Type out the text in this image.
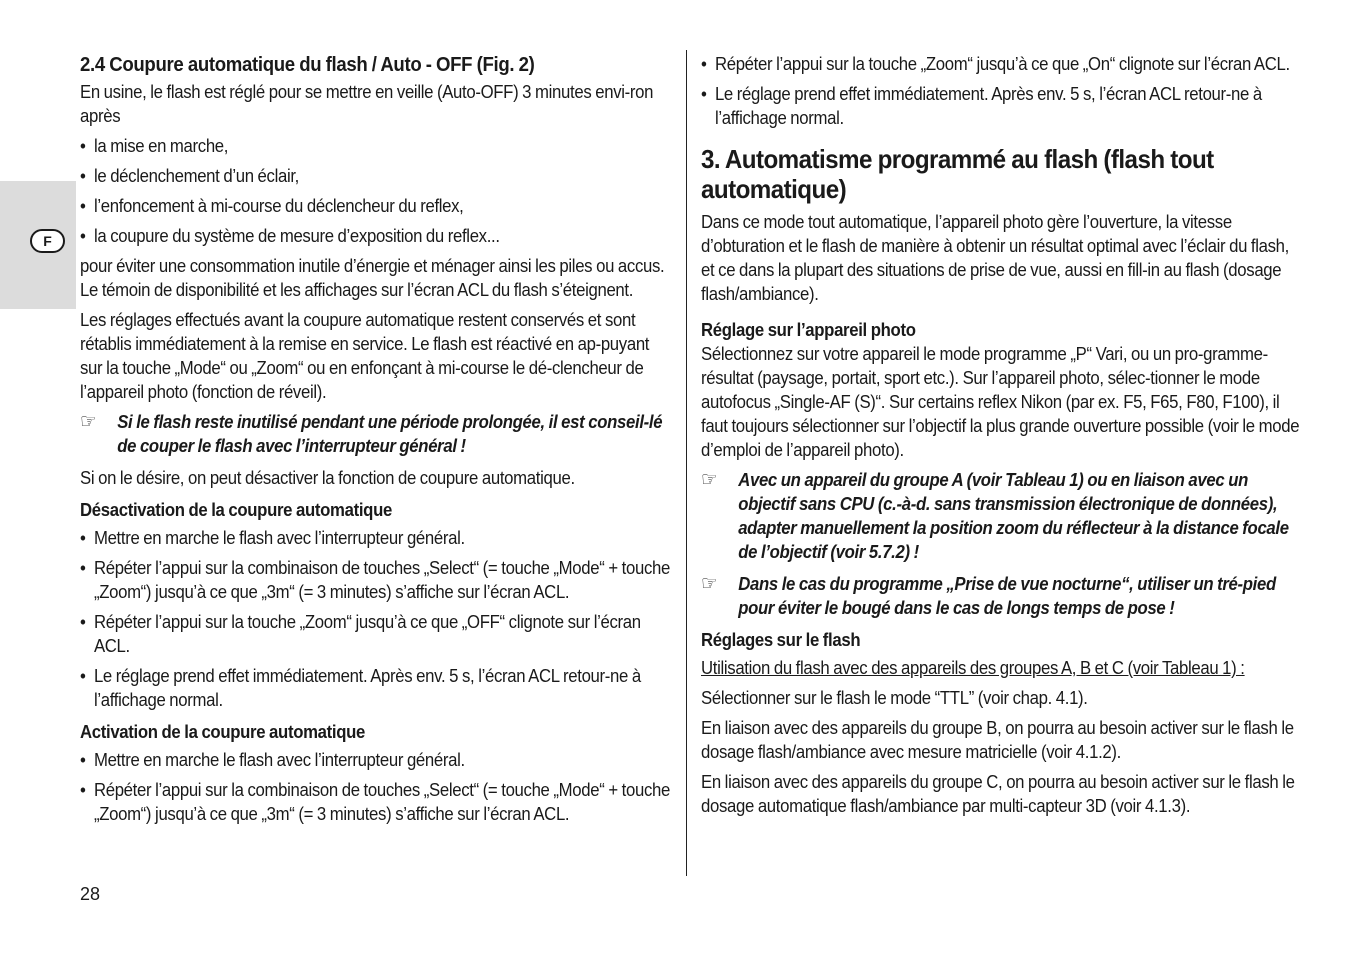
F

2.4 Coupure automatique du flash / Auto - OFF (Fig. 2)

En usine, le flash est réglé pour se mettre en veille (Auto-OFF) 3 minutes envi-ron après

• la mise en marche,

• le déclenchement d’un éclair,

• l’enfoncement à mi-course du déclencheur du reflex,

• la coupure du système de mesure d’exposition du reflex...

pour éviter une consommation inutile d’énergie et ménager ainsi les piles ou accus. Le témoin de disponibilité et les affichages sur l’écran ACL du flash s’éteignent.

Les réglages effectués avant la coupure automatique restent conservés et sont rétablis immédiatement à la remise en service. Le flash est réactivé en ap-puyant sur la touche „Mode“ ou „Zoom“ ou en enfonçant à mi-course le dé-clencheur de l’appareil photo (fonction de réveil).

☞ Si le flash reste inutilisé pendant une période prolongée, il est conseil-lé de couper le flash avec l’interrupteur général !

Si on le désire, on peut désactiver la fonction de coupure automatique.

Désactivation de la coupure automatique

• Mettre en marche le flash avec l’interrupteur général.

• Répéter l’appui sur la combinaison de touches „Select“ (= touche „Mode“ + touche „Zoom“) jusqu’à ce que „3m“ (= 3 minutes) s’affiche sur l’écran ACL.

• Répéter l’appui sur la touche „Zoom“ jusqu’à ce que „OFF“ clignote sur l’écran ACL.

• Le réglage prend effet immédiatement. Après env. 5 s, l’écran ACL retour-ne à l’affichage normal.

Activation de la coupure automatique

• Mettre en marche le flash avec l’interrupteur général.

• Répéter l’appui sur la combinaison de touches „Select“ (= touche „Mode“ + touche „Zoom“) jusqu’à ce que „3m“ (= 3 minutes) s’affiche sur l’écran ACL.

• Répéter l’appui sur la touche „Zoom“ jusqu’à ce que „On“ clignote sur l’écran ACL.

• Le réglage prend effet immédiatement. Après env. 5 s, l’écran ACL retour-ne à l’affichage normal.

3. Automatisme programmé au flash (flash tout automatique)

Dans ce mode tout automatique, l’appareil photo gère l’ouverture, la vitesse d’obturation et le flash de manière à obtenir un résultat optimal avec l’éclair du flash, et ce dans la plupart des situations de prise de vue, aussi en fill-in au flash (dosage flash/ambiance).

Réglage sur l’appareil photo

Sélectionnez sur votre appareil le mode programme „P“ Vari, ou un pro-gramme-résultat (paysage, portait, sport etc.). Sur l’appareil photo, sélec-tionner le mode autofocus „Single-AF (S)“. Sur certains reflex Nikon (par ex. F5, F65, F80, F100), il faut toujours sélectionner sur l’objectif la plus grande ouverture possible (voir le mode d’emploi de l’appareil photo).

☞ Avec un appareil du groupe A (voir Tableau 1) ou en liaison avec un objectif sans CPU (c.-à-d. sans transmission électronique de données), adapter manuellement la position zoom du réflecteur à la distance focale de l’objectif (voir 5.7.2) !
☞ Dans le cas du programme „Prise de vue nocturne“, utiliser un tré-pied pour éviter le bougé dans le cas de longs temps de pose !

Réglages sur le flash

Utilisation du flash avec des appareils des groupes A, B et C (voir Tableau 1) :

Sélectionner sur le flash le mode “TTL” (voir chap. 4.1).

En liaison avec des appareils du groupe B, on pourra au besoin activer sur le flash le dosage flash/ambiance avec mesure matricielle (voir 4.1.2).

En liaison avec des appareils du groupe C, on pourra au besoin activer sur le flash le dosage automatique flash/ambiance par multi-capteur 3D (voir 4.1.3).

28
